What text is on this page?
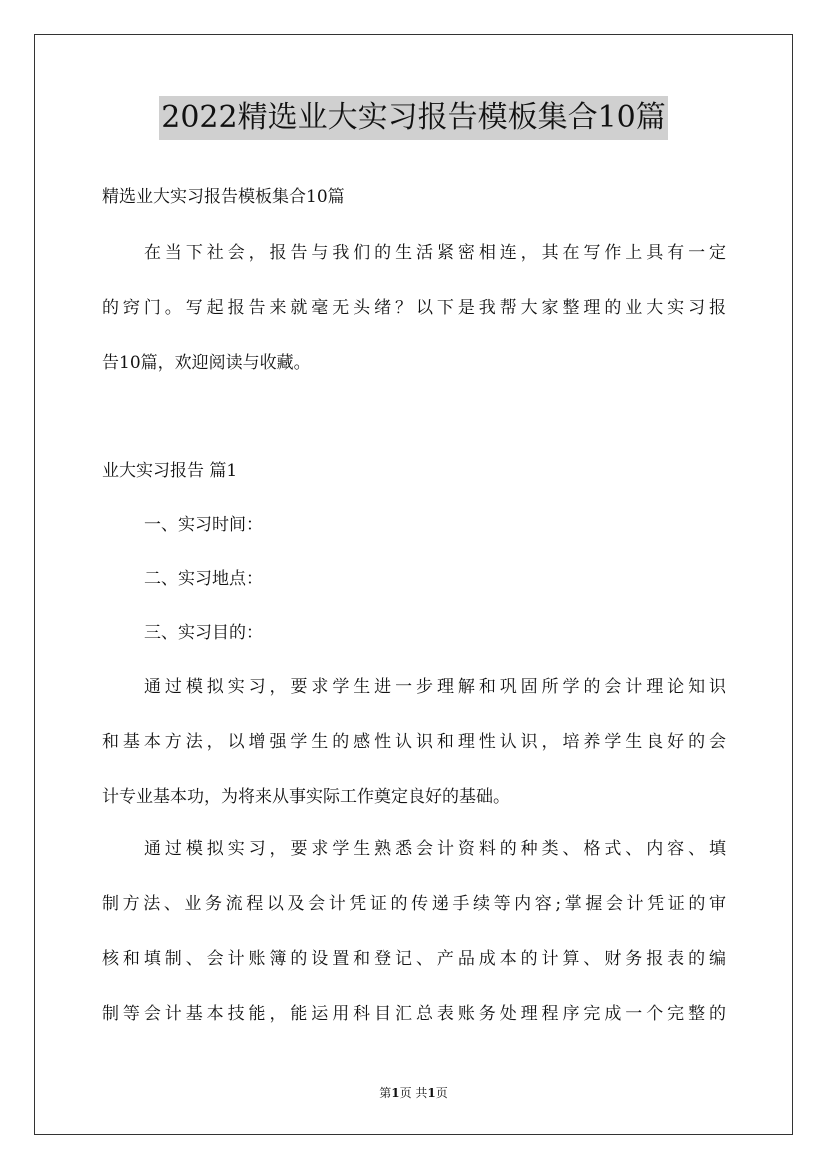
2022精选业大实习报告模板集合10篇
精选业大实习报告模板集合10篇
在当下社会，报告与我们的生活紧密相连，其在写作上具有一定
的窍门。写起报告来就毫无头绪？以下是我帮大家整理的业大实习报
告10篇，欢迎阅读与收藏。
业大实习报告 篇1
一、实习时间：
二、实习地点：
三、实习目的：
通过模拟实习，要求学生进一步理解和巩固所学的会计理论知识
和基本方法，以增强学生的感性认识和理性认识，培养学生良好的会
计专业基本功，为将来从事实际工作奠定良好的基础。
通过模拟实习，要求学生熟悉会计资料的种类、格式、内容、填
制方法、业务流程以及会计凭证的传递手续等内容;掌握会计凭证的审
核和填制、会计账簿的设置和登记、产品成本的计算、财务报表的编
制等会计基本技能，能运用科目汇总表账务处理程序完成一个完整的
第1页 共1页
